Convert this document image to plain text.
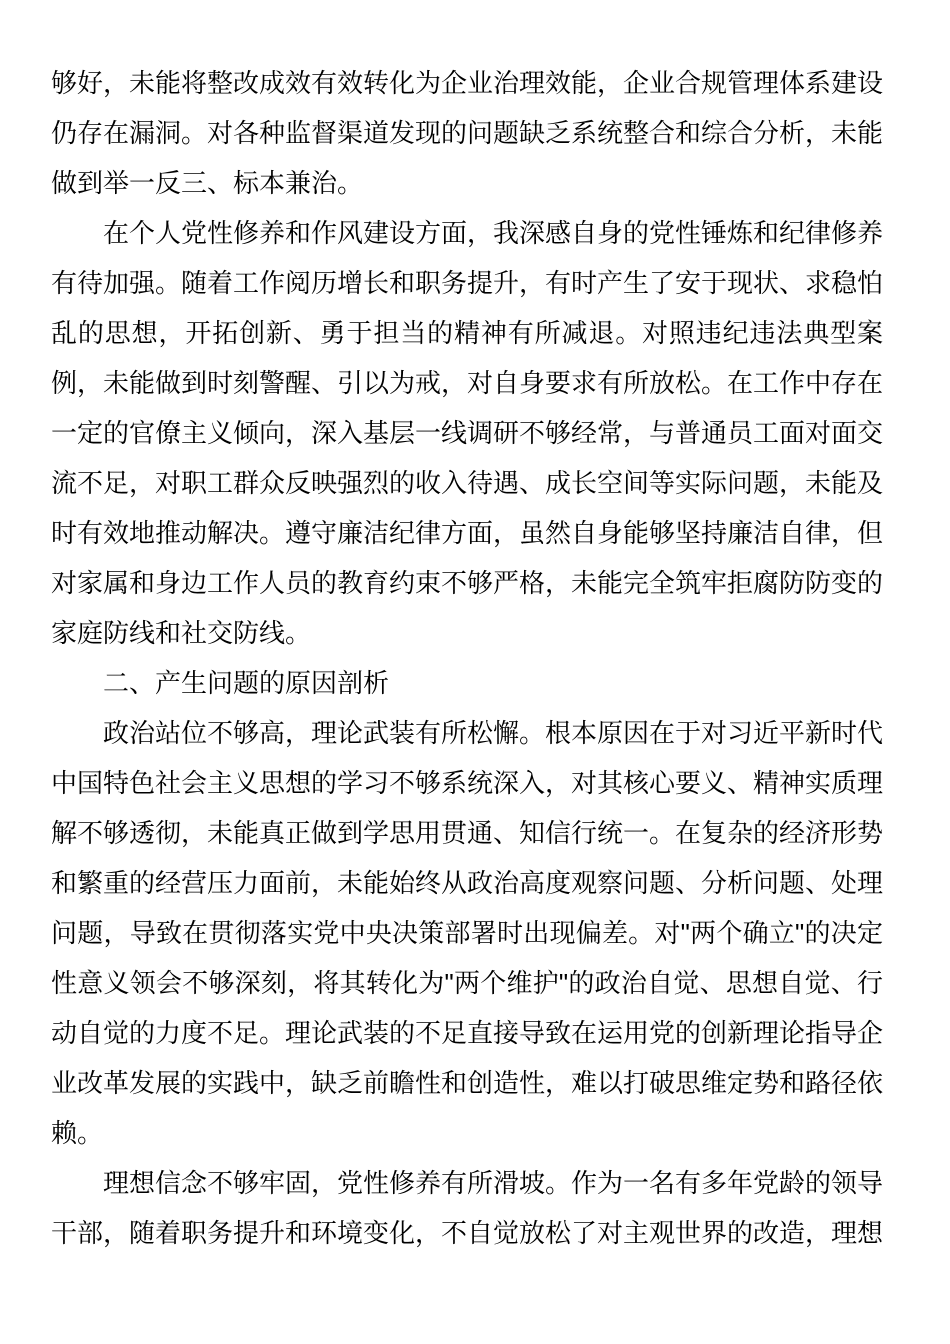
够好，未能将整改成效有效转化为企业治理效能，企业合规管理体系建设仍存在漏洞。对各种监督渠道发现的问题缺乏系统整合和综合分析，未能做到举一反三、标本兼治。

在个人党性修养和作风建设方面，我深感自身的党性锤炼和纪律修养有待加强。随着工作阅历增长和职务提升，有时产生了安于现状、求稳怕乱的思想，开拓创新、勇于担当的精神有所减退。对照违纪违法典型案例，未能做到时刻警醒、引以为戒，对自身要求有所放松。在工作中存在一定的官僚主义倾向，深入基层一线调研不够经常，与普通员工面对面交流不足，对职工群众反映强烈的收入待遇、成长空间等实际问题，未能及时有效地推动解决。遵守廉洁纪律方面，虽然自身能够坚持廉洁自律，但对家属和身边工作人员的教育约束不够严格，未能完全筑牢拒腐防防变的家庭防线和社交防线。

二、产生问题的原因剖析

政治站位不够高，理论武装有所松懈。根本原因在于对习近平新时代中国特色社会主义思想的学习不够系统深入，对其核心要义、精神实质理解不够透彻，未能真正做到学思用贯通、知信行统一。在复杂的经济形势和繁重的经营压力面前，未能始终从政治高度观察问题、分析问题、处理问题，导致在贯彻落实党中央决策部署时出现偏差。对"两个确立"的决定性意义领会不够深刻，将其转化为"两个维护"的政治自觉、思想自觉、行动自觉的力度不足。理论武装的不足直接导致在运用党的创新理论指导企业改革发展的实践中，缺乏前瞻性和创造性，难以打破思维定势和路径依赖。

理想信念不够牢固，党性修养有所滑坡。作为一名有多年党龄的领导干部，随着职务提升和环境变化，不自觉放松了对主观世界的改造，理想
